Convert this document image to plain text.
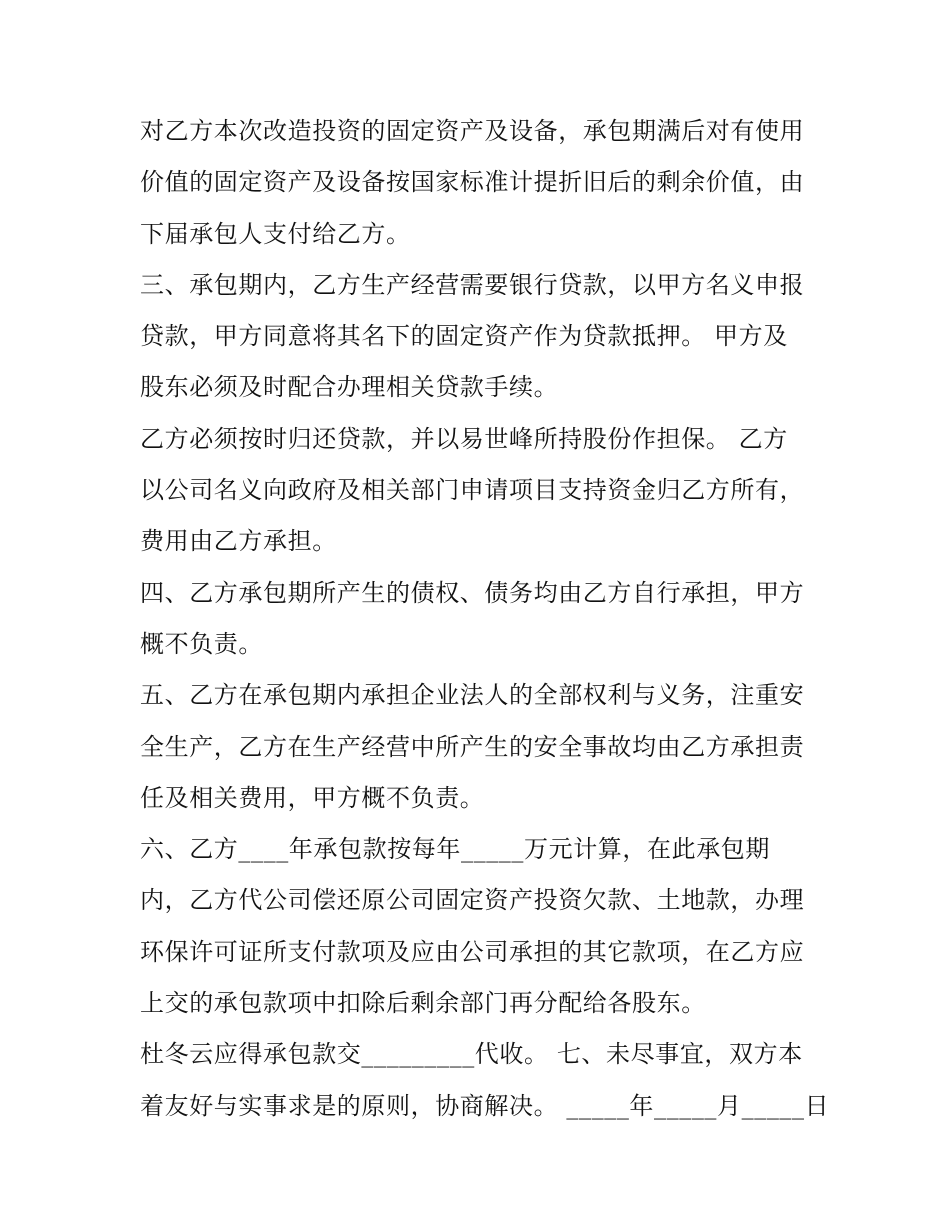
对乙方本次改造投资的固定资产及设备，承包期满后对有使用
价值的固定资产及设备按国家标准计提折旧后的剩余价值，由
下届承包人支付给乙方。
三、承包期内，乙方生产经营需要银行贷款，以甲方名义申报
贷款，甲方同意将其名下的固定资产作为贷款抵押。 甲方及
股东必须及时配合办理相关贷款手续。
乙方必须按时归还贷款，并以易世峰所持股份作担保。 乙方
以公司名义向政府及相关部门申请项目支持资金归乙方所有，
费用由乙方承担。
四、乙方承包期所产生的债权、债务均由乙方自行承担，甲方
概不负责。
五、乙方在承包期内承担企业法人的全部权利与义务，注重安
全生产，乙方在生产经营中所产生的安全事故均由乙方承担责
任及相关费用，甲方概不负责。
六、乙方____年承包款按每年_____万元计算，在此承包期
内，乙方代公司偿还原公司固定资产投资欠款、土地款，办理
环保许可证所支付款项及应由公司承担的其它款项，在乙方应
上交的承包款项中扣除后剩余部门再分配给各股东。
杜冬云应得承包款交_________代收。 七、未尽事宜，双方本
着友好与实事求是的原则，协商解决。 _____年_____月_____日
